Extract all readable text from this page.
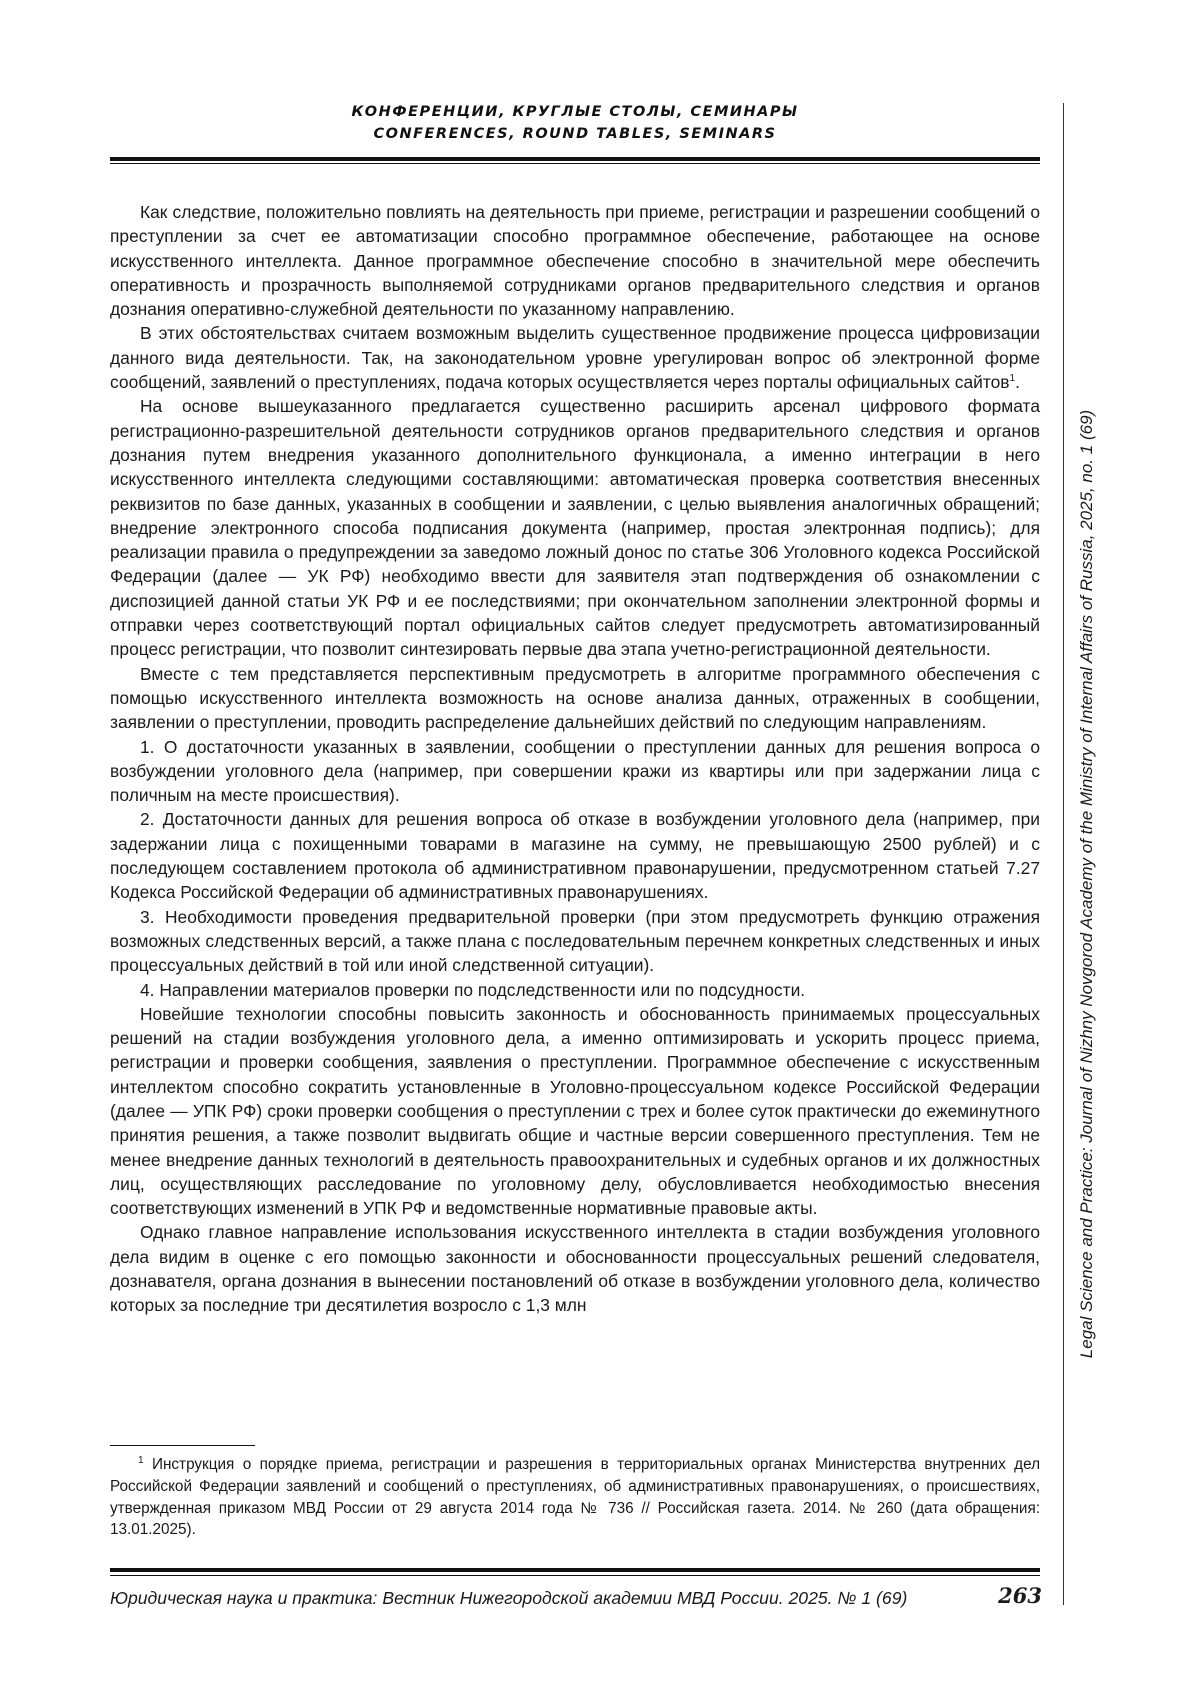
КОНФЕРЕНЦИИ, КРУГЛЫЕ СТОЛЫ, СЕМИНАРЫ
CONFERENCES, ROUND TABLES, SEMINARS
Legal Science and Practice: Journal of Nizhny Novgorod Academy of the Ministry of Internal Affairs of Russia, 2025, no. 1 (69)

Как следствие, положительно повлиять на деятельность при приеме, регистрации и разрешении сообщений о преступлении за счет ее автоматизации способно программное обеспечение, работающее на основе искусственного интеллекта. Данное программное обеспечение способно в значительной мере обеспечить оперативность и прозрачность выполняемой сотрудниками органов предварительного следствия и органов дознания оперативно-служебной деятельности по указанному направлению.

В этих обстоятельствах считаем возможным выделить существенное продвижение процесса цифровизации данного вида деятельности. Так, на законодательном уровне урегулирован вопрос об электронной форме сообщений, заявлений о преступлениях, подача которых осуществляется через порталы официальных сайтов1.

На основе вышеуказанного предлагается существенно расширить арсенал цифрового формата регистрационно-разрешительной деятельности сотрудников органов предварительного следствия и органов дознания путем внедрения указанного дополнительного функционала, а именно интеграции в него искусственного интеллекта следующими составляющими: автоматическая проверка соответствия внесенных реквизитов по базе данных, указанных в сообщении и заявлении, с целью выявления аналогичных обращений; внедрение электронного способа подписания документа (например, простая электронная подпись); для реализации правила о предупреждении за заведомо ложный донос по статье 306 Уголовного кодекса Российской Федерации (далее — УК РФ) необходимо ввести для заявителя этап подтверждения об ознакомлении с диспозицией данной статьи УК РФ и ее последствиями; при окончательном заполнении электронной формы и отправки через соответствующий портал официальных сайтов следует предусмотреть автоматизированный процесс регистрации, что позволит синтезировать первые два этапа учетно-регистрационной деятельности.

Вместе с тем представляется перспективным предусмотреть в алгоритме программного обеспечения с помощью искусственного интеллекта возможность на основе анализа данных, отраженных в сообщении, заявлении о преступлении, проводить распределение дальнейших действий по следующим направлениям.

1. О достаточности указанных в заявлении, сообщении о преступлении данных для решения вопроса о возбуждении уголовного дела (например, при совершении кражи из квартиры или при задержании лица с поличным на месте происшествия).

2. Достаточности данных для решения вопроса об отказе в возбуждении уголовного дела (например, при задержании лица с похищенными товарами в магазине на сумму, не превышающую 2500 рублей) и с последующем составлением протокола об административном правонарушении, предусмотренном статьей 7.27 Кодекса Российской Федерации об административных правонарушениях.

3. Необходимости проведения предварительной проверки (при этом предусмотреть функцию отражения возможных следственных версий, а также плана с последовательным перечнем конкретных следственных и иных процессуальных действий в той или иной следственной ситуации).

4. Направлении материалов проверки по подследственности или по подсудности.

Новейшие технологии способны повысить законность и обоснованность принимаемых процессуальных решений на стадии возбуждения уголовного дела, а именно оптимизировать и ускорить процесс приема, регистрации и проверки сообщения, заявления о преступлении. Программное обеспечение с искусственным интеллектом способно сократить установленные в Уголовно-процессуальном кодексе Российской Федерации (далее — УПК РФ) сроки проверки сообщения о преступлении с трех и более суток практически до ежеминутного принятия решения, а также позволит выдвигать общие и частные версии совершенного преступления. Тем не менее внедрение данных технологий в деятельность правоохранительных и судебных органов и их должностных лиц, осуществляющих расследование по уголовному делу, обусловливается необходимостью внесения соответствующих изменений в УПК РФ и ведомственные нормативные правовые акты.

Однако главное направление использования искусственного интеллекта в стадии возбуждения уголовного дела видим в оценке с его помощью законности и обоснованности процессуальных решений следователя, дознавателя, органа дознания в вынесении постановлений об отказе в возбуждении уголовного дела, количество которых за последние три десятилетия возросло с 1,3 млн

1 Инструкция о порядке приема, регистрации и разрешения в территориальных органах Министерства внутренних дел Российской Федерации заявлений и сообщений о преступлениях, об административных правонарушениях, о происшествиях, утвержденная приказом МВД России от 29 августа 2014 года № 736 // Российская газета. 2014. № 260 (дата обращения: 13.01.2025).
Юридическая наука и практика: Вестник Нижегородской академии МВД России. 2025. № 1 (69)	263
